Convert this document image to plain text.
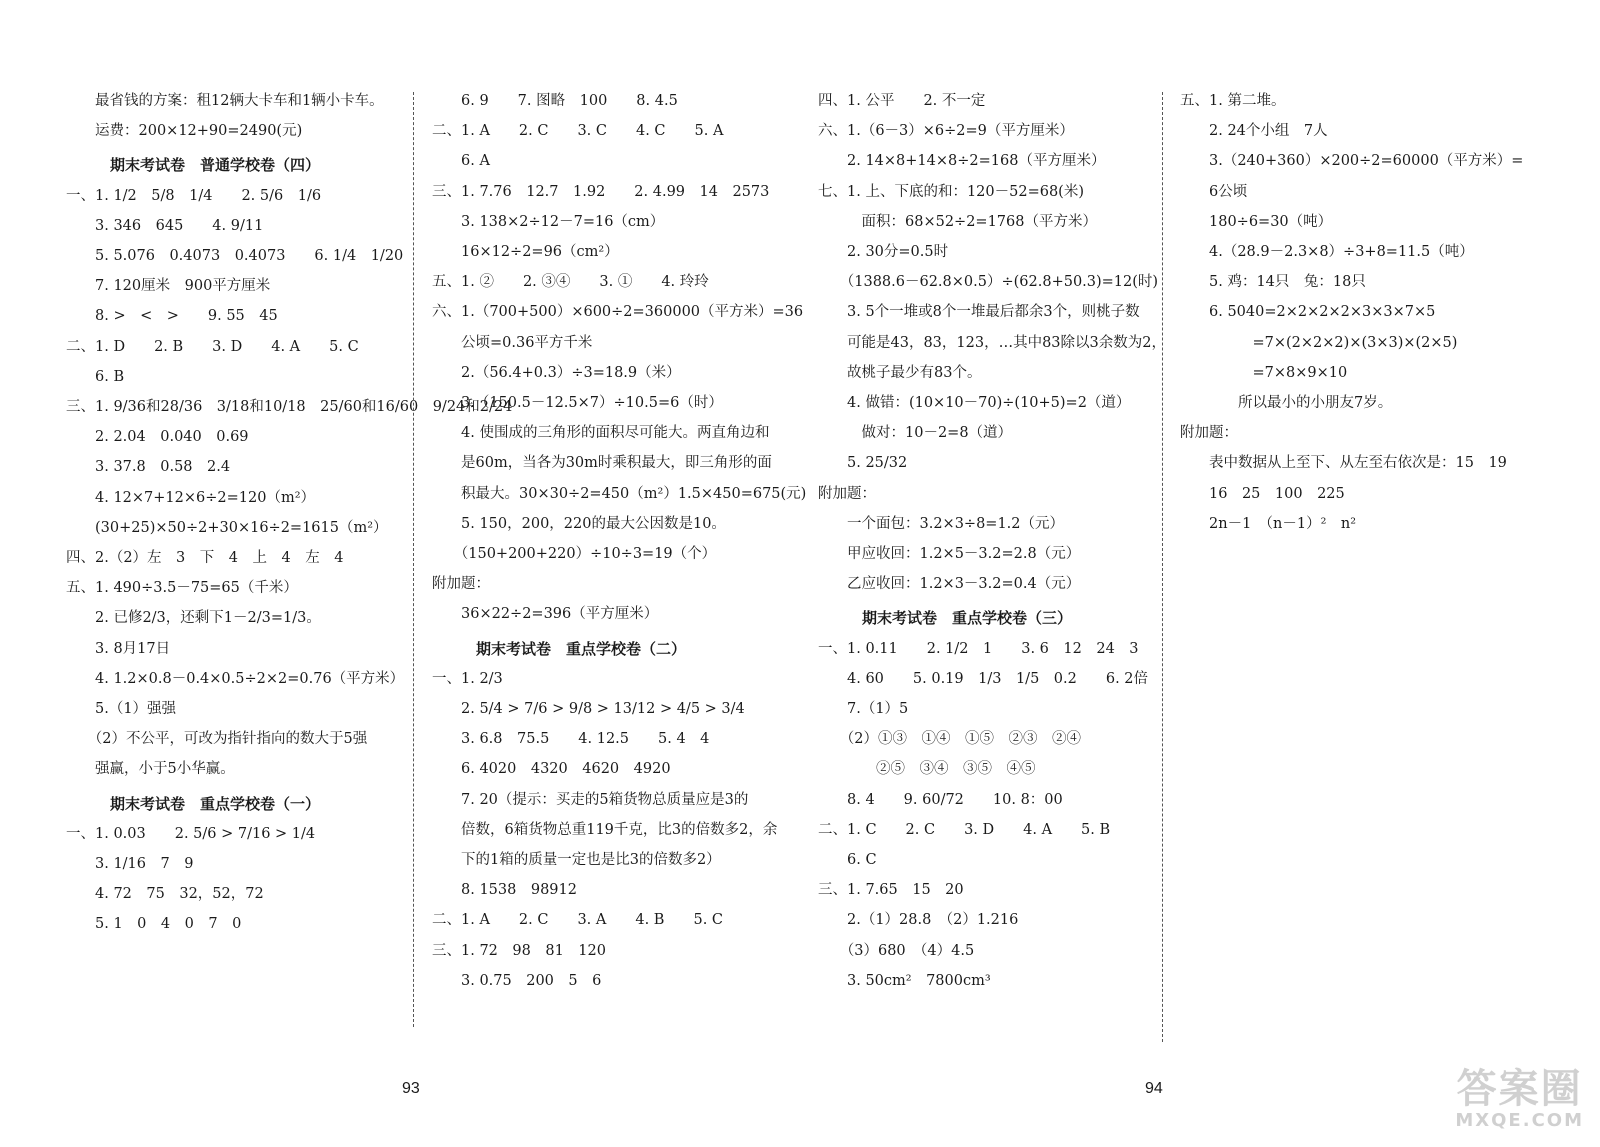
　　最省钱的方案：租12辆大卡车和1辆小卡车。
　　运费：200×12+90=2490(元)
期末考试卷　普通学校卷（四）
一、1. 1/2　5/8　1/4　　2. 5/6　1/6
　　3. 346　645　　4. 9/11
　　5. 5.076　0.4073　0.4073　　6. 1/4　1/20
　　7. 120厘米　900平方厘米
　　8. >　<　>　　9. 55　45
二、1. D　　2. B　　3. D　　4. A　　5. C
　　6. B
三、1. 9/36和28/36　3/18和10/18　25/60和16/60　9/24和2/24
　　2. 2.04　0.040　0.69
　　3. 37.8　0.58　2.4
　　4. 12×7+12×6÷2=120（m²）
　　(30+25)×50÷2+30×16÷2=1615（m²）
四、2.（2）左　3　下　4　上　4　左　4
五、1. 490÷3.5－75=65（千米）
　　2. 已修2/3，还剩下1－2/3=1/3。
　　3. 8月17日
　　4. 1.2×0.8－0.4×0.5÷2×2=0.76（平方米）
　　5.（1）强强
　　（2）不公平，可改为指针指向的数大于5强
　　强赢，小于5小华赢。
期末考试卷　重点学校卷（一）
一、1. 0.03　　2. 5/6 > 7/16 > 1/4
　　3. 1/16　7　9
　　4. 72　75　32，52，72
　　5. 1　0　4　0　7　0
　　6. 9　　7. 图略　100　　8. 4.5
二、1. A　　2. C　　3. C　　4. C　　5. A
　　6. A
三、1. 7.76　12.7　1.92　　2. 4.99　14　2573
　　3. 138×2÷12－7=16（cm）
　　16×12÷2=96（cm²）
五、1. ②　　2. ③④　　3. ①　　4. 玲玲
六、1.（700+500）×600÷2=360000（平方米）=36
　　公顷=0.36平方千米
　　2.（56.4+0.3）÷3=18.9（米）
　　3.（150.5－12.5×7）÷10.5=6（时）
　　4. 使围成的三角形的面积尽可能大。两直角边和
　　是60m，当各为30m时乘积最大，即三角形的面
　　积最大。30×30÷2=450（m²）1.5×450=675(元)
　　5. 150，200，220的最大公因数是10。
　　（150+200+220）÷10÷3=19（个）
附加题：
　　36×22÷2=396（平方厘米）
期末考试卷　重点学校卷（二）
一、1. 2/3
　　2. 5/4 > 7/6 > 9/8 > 13/12 > 4/5 > 3/4
　　3. 6.8　75.5　　4. 12.5　　5. 4　4
　　6. 4020　4320　4620　4920
　　7. 20（提示：买走的5箱货物总质量应是3的
　　倍数，6箱货物总重119千克，比3的倍数多2，余
　　下的1箱的质量一定也是比3的倍数多2）
　　8. 1538　98912
二、1. A　　2. C　　3. A　　4. B　　5. C
三、1. 72　98　81　120
　　3. 0.75　200　5　6
四、1. 公平　　2. 不一定
六、1.（6－3）×6÷2=9（平方厘米）
　　2. 14×8+14×8÷2=168（平方厘米）
七、1. 上、下底的和：120－52=68(米)
　　　面积：68×52÷2=1768（平方米）
　　2. 30分=0.5时
　　（1388.6－62.8×0.5）÷(62.8+50.3)=12(时)
　　3. 5个一堆或8个一堆最后都余3个，则桃子数
　　可能是43，83，123，…其中83除以3余数为2，
　　故桃子最少有83个。
　　4. 做错：(10×10－70)÷(10+5)=2（道）
　　　做对：10－2=8（道）
　　5. 25/32
附加题：
　　一个面包：3.2×3÷8=1.2（元）
　　甲应收回：1.2×5－3.2=2.8（元）
　　乙应收回：1.2×3－3.2=0.4（元）
期末考试卷　重点学校卷（三）
一、1. 0.11　　2. 1/2　1　　3. 6　12　24　3
　　4. 60　　5. 0.19　1/3　1/5　0.2　　6. 2倍
　　7.（1）5
　　（2）①③　①④　①⑤　②③　②④
　　　　②⑤　③④　③⑤　④⑤
　　8. 4　　9. 60/72　　10. 8：00
二、1. C　　2. C　　3. D　　4. A　　5. B
　　6. C
三、1. 7.65　15　20
　　2.（1）28.8　（2）1.216
　　（3）680　（4）4.5
　　3. 50cm²　7800cm³
五、1. 第二堆。
　　2. 24个小组　7人
　　3.（240+360）×200÷2=60000（平方米）=
　　6公顷
　　180÷6=30（吨）
　　4.（28.9－2.3×8）÷3+8=11.5（吨）
　　5. 鸡：14只　兔：18只
　　6. 5040=2×2×2×2×3×3×7×5
　　　　　=7×(2×2×2)×(3×3)×(2×5)
　　　　　=7×8×9×10
　　　　所以最小的小朋友7岁。
附加题：
　　表中数据从上至下、从左至右依次是：15　19
　　16　25　100　225
　　2n－1　（n－1）²　n²
93	94	答案圈
MXQE.COM
